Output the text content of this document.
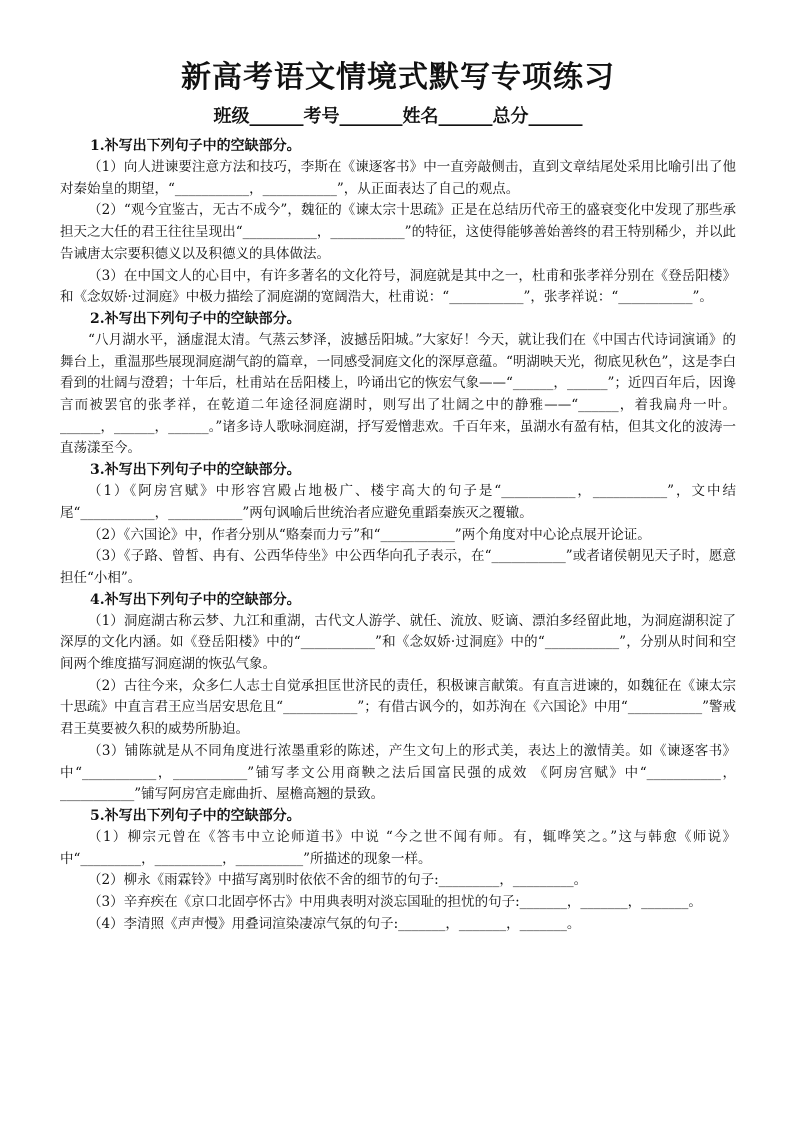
新高考语文情境式默写专项练习
班级______考号_______姓名______总分______
1.补写出下列句子中的空缺部分。

（1）向人进谏要注意方法和技巧，李斯在《谏逐客书》中一直旁敲侧击，直到文章结尾处采用比喻引出了他对秦始皇的期望，“___________，___________”，从正面表达了自己的观点。

（2）“观今宜鉴古，无古不成今”，魏征的《谏太宗十思疏》正是在总结历代帝王的盛衰变化中发现了那些承担天之大任的君王往往呈现出“___________，___________”的特征，这使得能够善始善终的君王特别稀少，并以此告诫唐太宗要积德义以及积德义的具体做法。

（3）在中国文人的心目中，有许多著名的文化符号，洞庭就是其中之一，杜甫和张孝祥分别在《登岳阳楼》和《念奴娇·过洞庭》中极力描绘了洞庭湖的宽阔浩大，杜甫说：“___________”，张孝祥说：“___________”。

2.补写出下列句子中的空缺部分。

“八月湖水平，涵虚混太清。气蒸云梦泽，波撼岳阳城。”大家好！今天，就让我们在《中国古代诗词演诵》的舞台上，重温那些展现洞庭湖气韵的篇章，一同感受洞庭文化的深厚意蕴。“明湖映天光，彻底见秋色”，这是李白看到的壮阔与澄碧；十年后，杜甫站在岳阳楼上，吟诵出它的恢宏气象——“______，______”；近四百年后，因谗言而被罢官的张孝祥，在乾道二年途径洞庭湖时，则写出了壮阔之中的静雅——“______，着我扁舟一叶。______，______，______。”诸多诗人歌咏洞庭湖，抒写爱憎悲欢。千百年来，虽湖水有盈有枯，但其文化的波涛一直荡漾至今。

3.补写出下列句子中的空缺部分。

（1）《阿房宫赋》中形容宫殿占地极广、楼宇高大的句子是“___________，___________”，文中结尾“___________，___________”两句讽喻后世统治者应避免重蹈秦族灭之覆辙。

（2）《六国论》中，作者分别从“赂秦而力亏”和“___________”两个角度对中心论点展开论证。

（3）《子路、曾皙、冉有、公西华侍坐》中公西华向孔子表示，在“___________”或者诸侯朝见天子时，愿意担任“小相”。

4.补写出下列句子中的空缺部分。

（1）洞庭湖古称云梦、九江和重湖，古代文人游学、就任、流放、贬谪、漂泊多经留此地，为洞庭湖积淀了深厚的文化内涵。如《登岳阳楼》中的“___________”和《念奴娇·过洞庭》中的“___________”，分别从时间和空间两个维度描写洞庭湖的恢弘气象。

（2）古往今来，众多仁人志士自觉承担匡世济民的责任，积极谏言献策。有直言进谏的，如魏征在《谏太宗十思疏》中直言君王应当居安思危且“___________”；有借古讽今的，如苏洵在《六国论》中用“___________”警戒君王莫要被久积的威势所胁迫。

（3）铺陈就是从不同角度进行浓墨重彩的陈述，产生文句上的形式美，表达上的激情美。如《谏逐客书》中“___________，___________”铺写孝文公用商鞅之法后国富民强的成效 《阿房宫赋》中“___________，___________”铺写阿房宫走廊曲折、屋檐高翘的景致。

5.补写出下列句子中的空缺部分。

（1）柳宗元曾在《答韦中立论师道书》中说 “今之世不闻有师。有，辄哗笑之。”这与韩愈《师说》中“_________，__________，__________”所描述的现象一样。

（2）柳永《雨霖铃》中描写离别时依依不舍的细节的句子:_________，_________。

（3）辛弃疾在《京口北固亭怀古》中用典表明对淡忘国耻的担忧的句子:_______，_______，_______。

（4）李清照《声声慢》用叠词渲染凄凉气氛的句子:_______，_______，_______。
